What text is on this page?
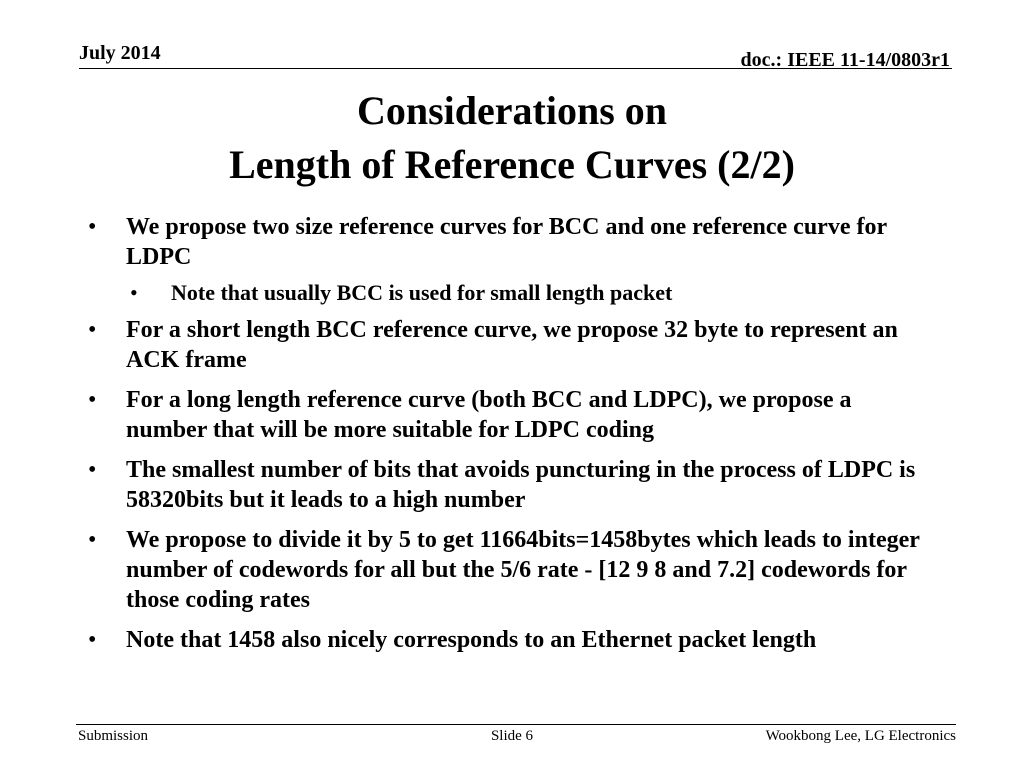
July 2014	doc.: IEEE 11-14/0803r1
Considerations on
Length of Reference Curves (2/2)
• We propose two size reference curves for BCC and one reference curve for LDPC
• Note that usually BCC is used for small length packet
• For a short length BCC reference curve, we propose 32 byte to represent an ACK frame
• For a long length reference curve (both BCC and LDPC), we propose a number that will be more suitable for LDPC coding
• The smallest number of bits that avoids puncturing in the process of LDPC is 58320bits but it leads to a high number
• We propose to divide it by 5 to get 11664bits=1458bytes which leads to integer number of codewords for all but the 5/6 rate - [12 9 8 and 7.2] codewords for those coding rates
• Note that 1458 also nicely corresponds to an Ethernet packet length
Submission	Slide 6	Wookbong Lee, LG Electronics
